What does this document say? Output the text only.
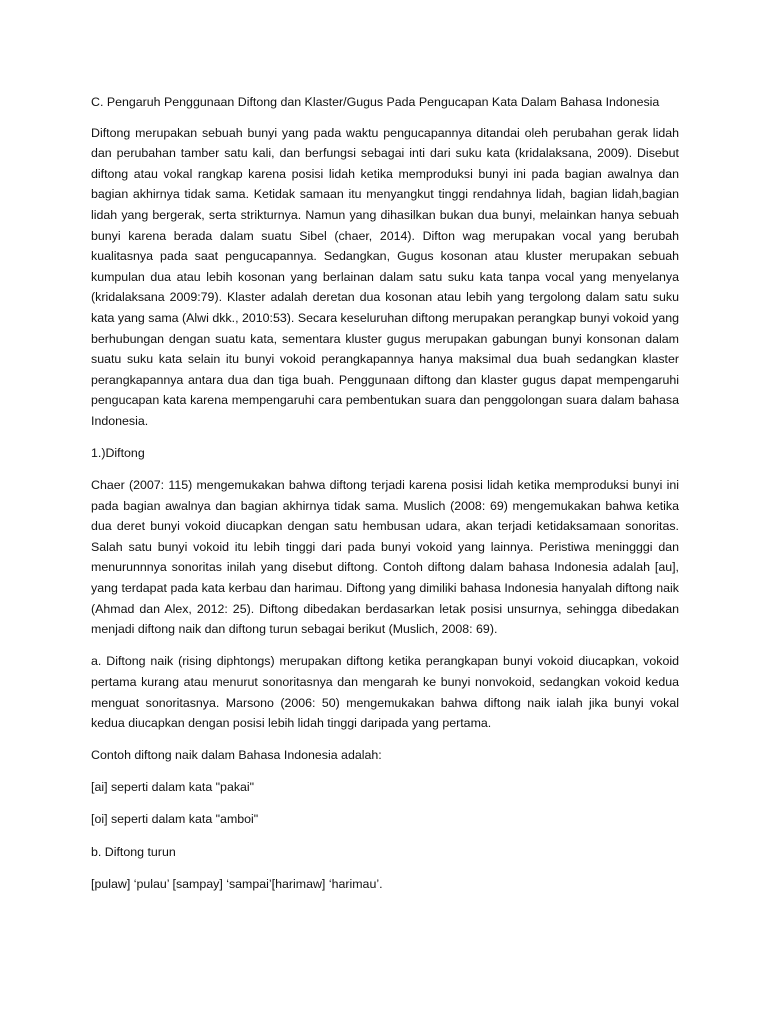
C. Pengaruh Penggunaan Diftong dan Klaster/Gugus Pada Pengucapan Kata Dalam Bahasa Indonesia

Diftong merupakan sebuah bunyi yang pada waktu pengucapannya ditandai oleh perubahan gerak lidah dan perubahan tamber satu kali, dan berfungsi sebagai inti dari suku kata (kridalaksana, 2009). Disebut diftong atau vokal rangkap karena posisi lidah ketika memproduksi bunyi ini pada bagian awalnya dan bagian akhirnya tidak sama. Ketidak samaan itu menyangkut tinggi rendahnya lidah, bagian lidah,bagian lidah yang bergerak, serta strikturnya. Namun yang dihasilkan bukan dua bunyi, melainkan hanya sebuah bunyi karena berada dalam suatu Sibel (chaer, 2014). Difton wag merupakan vocal yang berubah kualitasnya pada saat pengucapannya. Sedangkan, Gugus kosonan atau kluster merupakan sebuah kumpulan dua atau lebih kosonan yang berlainan dalam satu suku kata tanpa vocal yang menyelanya (kridalaksana 2009:79). Klaster adalah deretan dua kosonan atau lebih yang tergolong dalam satu suku kata yang sama (Alwi dkk., 2010:53). Secara keseluruhan diftong merupakan perangkap bunyi vokoid yang berhubungan dengan suatu kata, sementara kluster gugus merupakan gabungan bunyi konsonan dalam suatu suku kata selain itu bunyi vokoid perangkapannya hanya maksimal dua buah sedangkan klaster perangkapannya antara dua dan tiga buah. Penggunaan diftong dan klaster gugus dapat mempengaruhi pengucapan kata karena mempengaruhi cara pembentukan suara dan penggolongan suara dalam bahasa Indonesia.

1.)Diftong

Chaer (2007: 115) mengemukakan bahwa diftong terjadi karena posisi lidah ketika memproduksi bunyi ini pada bagian awalnya dan bagian akhirnya tidak sama. Muslich (2008: 69) mengemukakan bahwa ketika dua deret bunyi vokoid diucapkan dengan satu hembusan udara, akan terjadi ketidaksamaan sonoritas. Salah satu bunyi vokoid itu lebih tinggi dari pada bunyi vokoid yang lainnya. Peristiwa meningggi dan menurunnnya sonoritas inilah yang disebut diftong. Contoh diftong dalam bahasa Indonesia adalah [au], yang terdapat pada kata kerbau dan harimau. Diftong yang dimiliki bahasa Indonesia hanyalah diftong naik (Ahmad dan Alex, 2012: 25). Diftong dibedakan berdasarkan letak posisi unsurnya, sehingga dibedakan menjadi diftong naik dan diftong turun sebagai berikut (Muslich, 2008: 69).

a. Diftong naik (rising diphtongs) merupakan diftong ketika perangkapan bunyi vokoid diucapkan, vokoid pertama kurang atau menurut sonoritasnya dan mengarah ke bunyi nonvokoid, sedangkan vokoid kedua menguat sonoritasnya. Marsono (2006: 50) mengemukakan bahwa diftong naik ialah jika bunyi vokal kedua diucapkan dengan posisi lebih lidah tinggi daripada yang pertama.

Contoh diftong naik dalam Bahasa Indonesia adalah:
[ai] seperti dalam kata "pakai"
[oi] seperti dalam kata "amboi"
b. Diftong turun
[pulaw] ‘pulau’ [sampay] ‘sampai’[harimaw] ‘harimau’.
